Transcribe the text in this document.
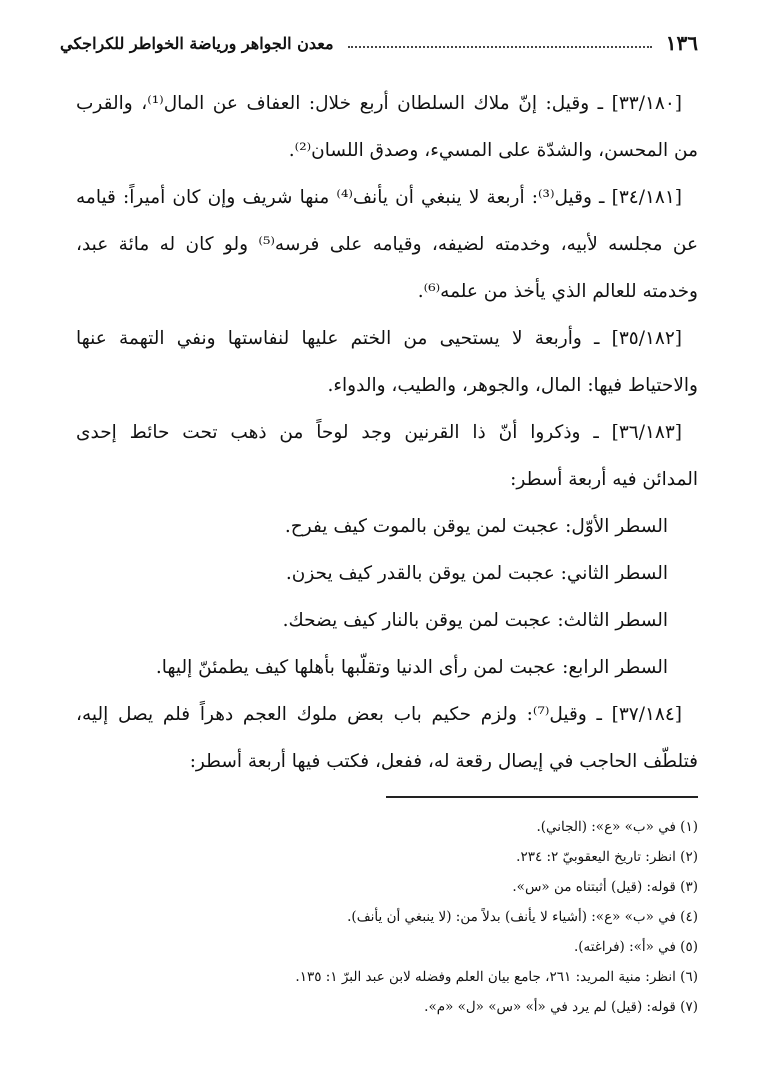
١٣٦
معدن الجواهر ورياضة الخواطر للكراجكي
[٣٣/١٨٠] ـ وقيل: إنّ ملاك السلطان أربع خلال: العفاف عن المال⁽¹⁾، والقرب
من المحسن، والشدّة على المسيء، وصدق اللسان⁽²⁾.
[٣٤/١٨١] ـ وقيل⁽³⁾: أربعة لا ينبغي أن يأنف⁽⁴⁾ منها شريف وإن كان أميراً: قيامه
عن مجلسه لأبيه، وخدمته لضيفه، وقيامه على فرسه⁽⁵⁾ ولو كان له مائة عبد،
وخدمته للعالم الذي يأخذ من علمه⁽⁶⁾.
[٣٥/١٨٢] ـ وأربعة لا يستحيى من الختم عليها لنفاستها ونفي التهمة عنها
والاحتياط فيها: المال، والجوهر، والطيب، والدواء.
[٣٦/١٨٣] ـ وذكروا أنّ ذا القرنين وجد لوحاً من ذهب تحت حائط إحدى
المدائن فيه أربعة أسطر:
السطر الأوّل: عجبت لمن يوقن بالموت كيف يفرح.
السطر الثاني: عجبت لمن يوقن بالقدر كيف يحزن.
السطر الثالث: عجبت لمن يوقن بالنار كيف يضحك.
السطر الرابع: عجبت لمن رأى الدنيا وتقلّبها بأهلها كيف يطمئنّ إليها.
[٣٧/١٨٤] ـ وقيل⁽⁷⁾: ولزم حكيم باب بعض ملوك العجم دهراً فلم يصل إليه،
فتلطّف الحاجب في إيصال رقعة له، ففعل، فكتب فيها أربعة أسطر:
(١) في «ب» «ع»: (الجاني).
(٢) انظر: تاريخ اليعقوبيّ ٢: ٢٣٤.
(٣) قوله: (قيل) أثبتناه من «س».
(٤) في «ب» «ع»: (أشياء لا يأنف) بدلاً من: (لا ينبغي أن يأنف).
(٥) في «أ»: (فراغته).
(٦) انظر: منية المريد: ٢٦١، جامع بيان العلم وفضله لابن عبد البرّ ١: ١٣٥.
(٧) قوله: (قيل) لم يرد في «أ» «س» «ل» «م».
